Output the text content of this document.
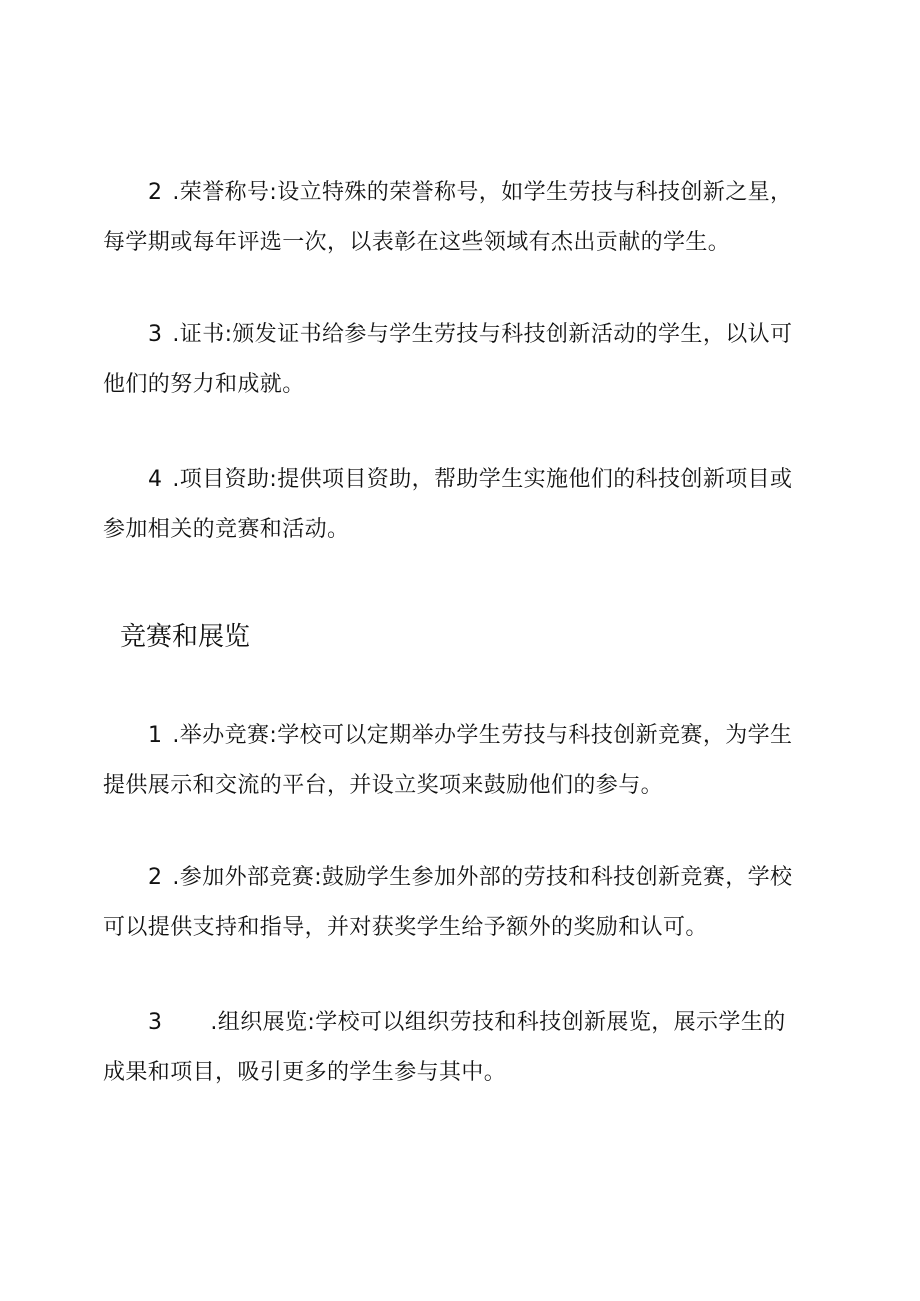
2 .荣誉称号:设立特殊的荣誉称号，如学生劳技与科技创新之星，
每学期或每年评选一次，以表彰在这些领域有杰出贡献的学生。
3 .证书:颁发证书给参与学生劳技与科技创新活动的学生，以认可
他们的努力和成就。
4 .项目资助:提供项目资助，帮助学生实施他们的科技创新项目或
参加相关的竞赛和活动。
竞赛和展览
1 .举办竞赛:学校可以定期举办学生劳技与科技创新竞赛，为学生
提供展示和交流的平台，并设立奖项来鼓励他们的参与。
2 .参加外部竞赛:鼓励学生参加外部的劳技和科技创新竞赛，学校
可以提供支持和指导，并对获奖学生给予额外的奖励和认可。
3 .组织展览:学校可以组织劳技和科技创新展览，展示学生的
成果和项目，吸引更多的学生参与其中。
